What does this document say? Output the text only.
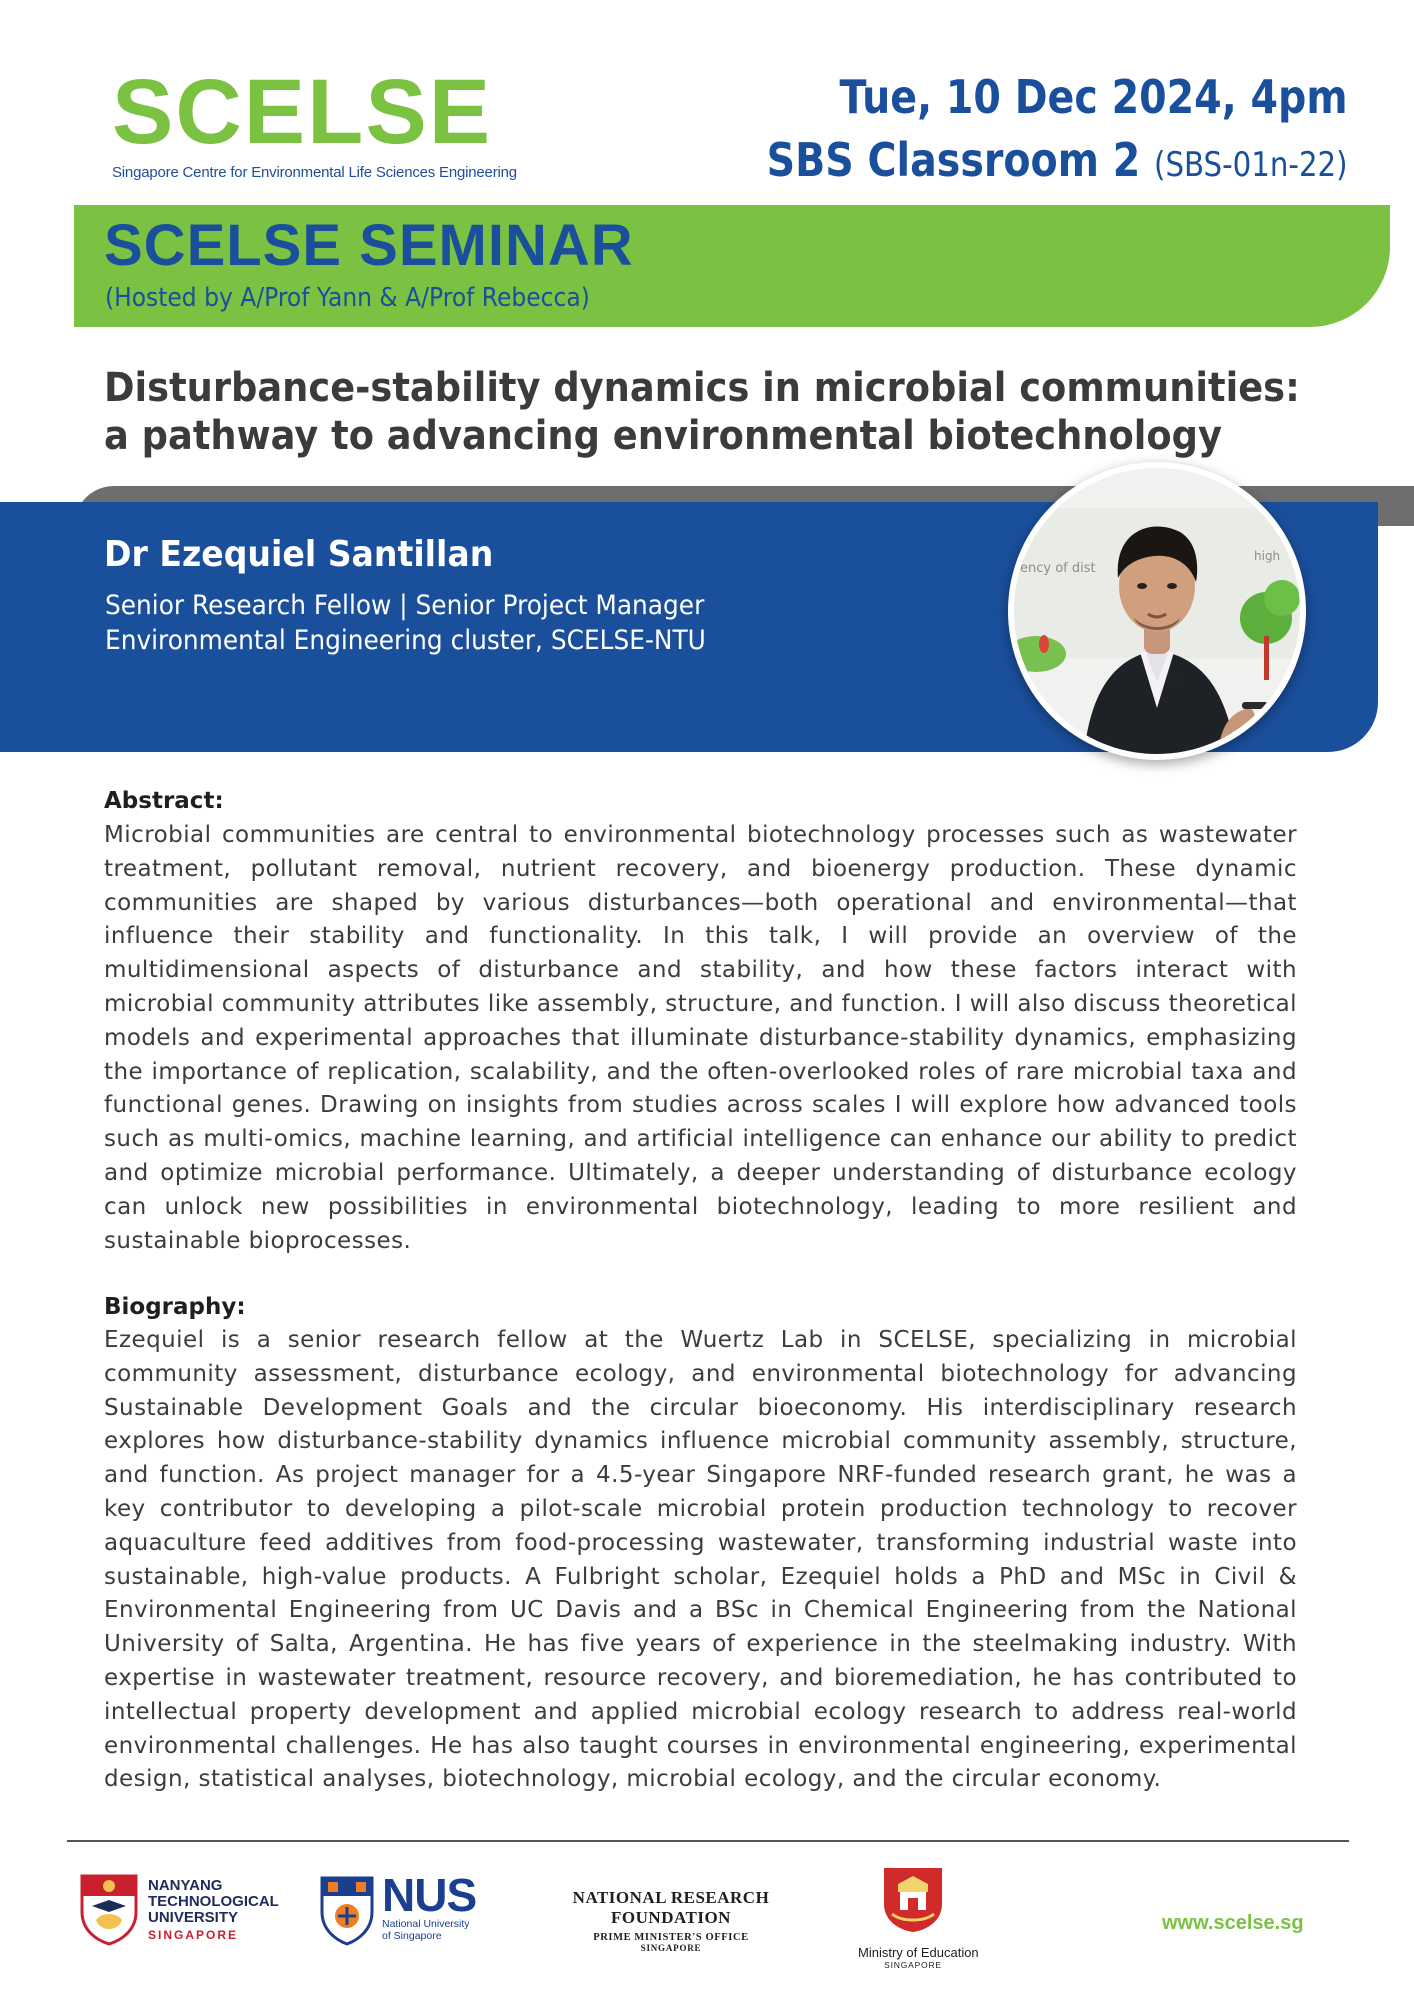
SCELSE
Singapore Centre for Environmental Life Sciences Engineering
Tue, 10 Dec 2024, 4pm
SBS Classroom 2 (SBS-01n-22)
SCELSE SEMINAR
(Hosted by A/Prof Yann & A/Prof Rebecca)
Disturbance-stability dynamics in microbial communities:
a pathway to advancing environmental biotechnology
Dr Ezequiel Santillan
Senior Research Fellow | Senior Project Manager
Environmental Engineering cluster, SCELSE-NTU
ency of dist
high
Abstract:
Microbial communities are central to environmental biotechnology processes such as wastewater treatment, pollutant removal, nutrient recovery, and bioenergy production. These dynamic communities are shaped by various disturbances—both operational and environmental—that influence their stability and functionality. In this talk, I will provide an overview of the multidimensional aspects of disturbance and stability, and how these factors interact with microbial community attributes like assembly, structure, and function. I will also discuss theoretical models and experimental approaches that illuminate disturbance-stability dynamics, emphasizing the importance of replication, scalability, and the often-overlooked roles of rare microbial taxa and functional genes. Drawing on insights from studies across scales I will explore how advanced tools such as multi-omics, machine learning, and artificial intelligence can enhance our ability to predict and optimize microbial performance. Ultimately, a deeper understanding of disturbance ecology can unlock new possibilities in environmental biotechnology, leading to more resilient and sustainable bioprocesses.
Biography:
Ezequiel is a senior research fellow at the Wuertz Lab in SCELSE, specializing in microbial community assessment, disturbance ecology, and environmental biotechnology for advancing Sustainable Development Goals and the circular bioeconomy. His interdisciplinary research explores how disturbance-stability dynamics influence microbial community assembly, structure, and function. As project manager for a 4.5-year Singapore NRF-funded research grant, he was a key contributor to developing a pilot-scale microbial protein production technology to recover aquaculture feed additives from food-processing wastewater, transforming industrial waste into sustainable, high-value products. A Fulbright scholar, Ezequiel holds a PhD and MSc in Civil & Environmental Engineering from UC Davis and a BSc in Chemical Engineering from the National University of Salta, Argentina. He has five years of experience in the steelmaking industry. With expertise in wastewater treatment, resource recovery, and bioremediation, he has contributed to intellectual property development and applied microbial ecology research to address real-world environmental challenges. He has also taught courses in environmental engineering, experimental design, statistical analyses, biotechnology, microbial ecology, and the circular economy.
NANYANG
TECHNOLOGICAL
UNIVERSITY
SINGAPORE
NUS
National University
of Singapore
NATIONAL RESEARCH FOUNDATION
PRIME MINISTER'S OFFICE
SINGAPORE	Ministry of Education
SINGAPORE
www.scelse.sg
